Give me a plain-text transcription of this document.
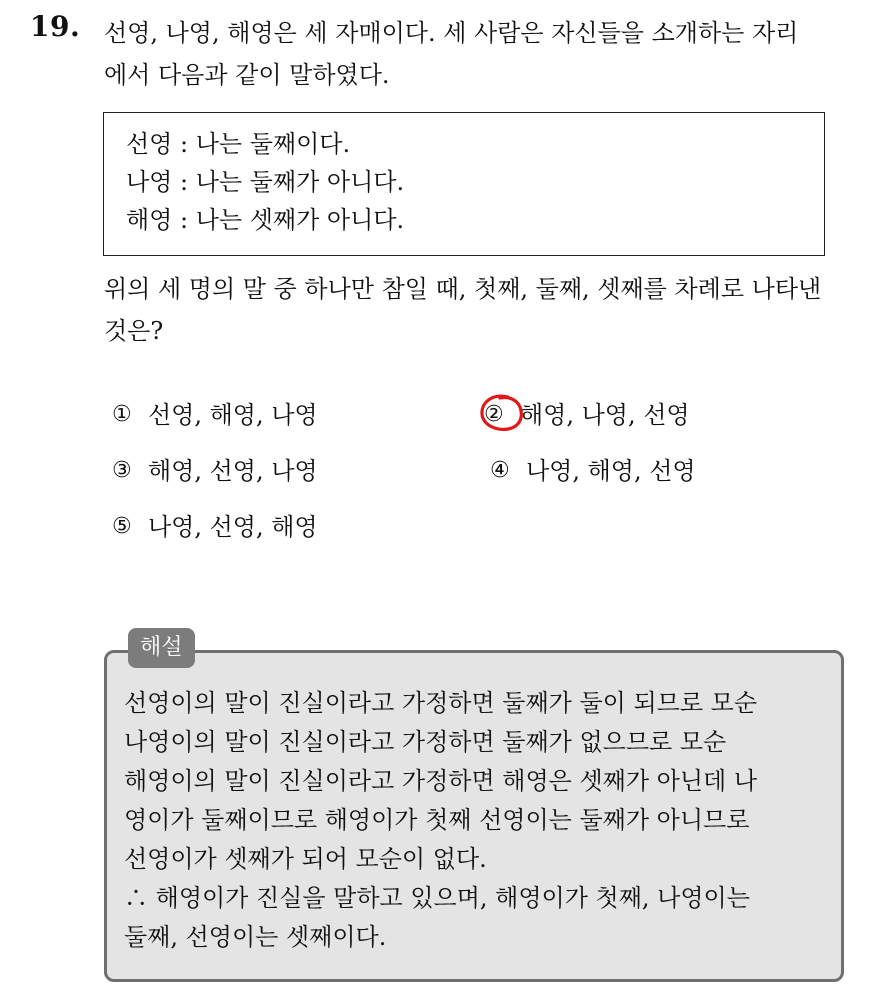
19. 선영, 나영, 해영은 세 자매이다. 세 사람은 자신들을 소개하는 자리
에서 다음과 같이 말하였다.
선영 : 나는 둘째이다.
나영 : 나는 둘째가 아니다.
해영 : 나는 셋째가 아니다.
위의 세 명의 말 중 하나만 참일 때, 첫째, 둘째, 셋째를 차례로 나타낸
것은?
① 선영, 해영, 나영	② 해영, 나영, 선영
③ 해영, 선영, 나영	④ 나영, 해영, 선영
⑤ 나영, 선영, 해영
해설
선영이의 말이 진실이라고 가정하면 둘째가 둘이 되므로 모순
나영이의 말이 진실이라고 가정하면 둘째가 없으므로 모순
해영이의 말이 진실이라고 가정하면 해영은 셋째가 아닌데 나
영이가 둘째이므로 해영이가 첫째 선영이는 둘째가 아니므로
선영이가 셋째가 되어 모순이 없다.
∴ 해영이가 진실을 말하고 있으며, 해영이가 첫째, 나영이는
둘째, 선영이는 셋째이다.
